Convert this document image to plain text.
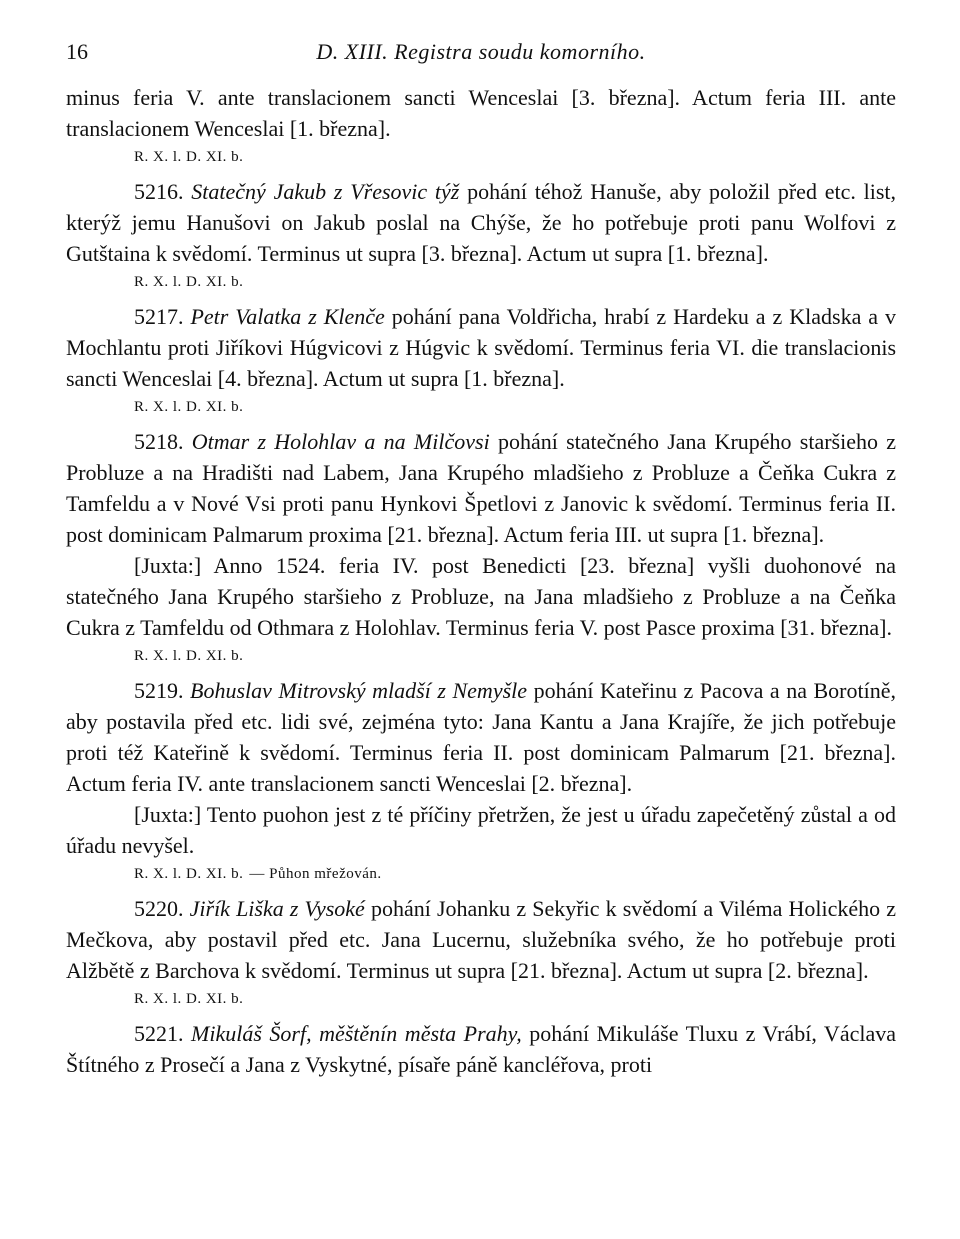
16	D. XIII. Registra soudu komorního.

minus feria V. ante translacionem sancti Wenceslai [3. března]. Actum feria III. ante translacionem Wenceslai [1. března].

R. X. l. D. XI. b.

5216. Statečný Jakub z Vřesovic týž pohání téhož Hanuše, aby položil před etc. list, kterýž jemu Hanušovi on Jakub poslal na Chýše, že ho potřebuje proti panu Wolfovi z Gutštaina k svědomí. Terminus ut supra [3. března]. Actum ut supra [1. března].

R. X. l. D. XI. b.

5217. Petr Valatka z Klenče pohání pana Voldřicha, hrabí z Hardeku a z Kladska a v Mochlantu proti Jiříkovi Húgvicovi z Húgvic k svědomí. Terminus feria VI. die translacionis sancti Wenceslai [4. března]. Actum ut supra [1. března].

R. X. l. D. XI. b.

5218. Otmar z Holohlav a na Milčovsi pohání statečného Jana Krupého staršieho z Probluze a na Hradišti nad Labem, Jana Krupého mladšieho z Probluze a Čeňka Cukra z Tamfeldu a v Nové Vsi proti panu Hynkovi Špetlovi z Janovic k svědomí. Terminus feria II. post dominicam Palmarum proxima [21. března]. Actum feria III. ut supra [1. března].

[Juxta:] Anno 1524. feria IV. post Benedicti [23. března] vyšli duohonové na statečného Jana Krupého staršieho z Probluze, na Jana mladšieho z Probluze a na Čeňka Cukra z Tamfeldu od Othmara z Holohlav. Terminus feria V. post Pasce proxima [31. března].

R. X. l. D. XI. b.

5219. Bohuslav Mitrovský mladší z Nemyšle pohání Kateřinu z Pacova a na Borotíně, aby postavila před etc. lidi své, zejména tyto: Jana Kantu a Jana Krajíře, že jich potřebuje proti též Kateřině k svědomí. Terminus feria II. post dominicam Palmarum [21. března]. Actum feria IV. ante translacionem sancti Wenceslai [2. března].

[Juxta:] Tento puohon jest z té příčiny přetržen, že jest u úřadu zapečetěný zůstal a od úřadu nevyšel.

R. X. l. D. XI. b. — Půhon mřežován.

5220. Jiřík Liška z Vysoké pohání Johanku z Sekyřic k svědomí a Viléma Holického z Mečkova, aby postavil před etc. Jana Lucernu, služebníka svého, že ho potřebuje proti Alžbětě z Barchova k svědomí. Terminus ut supra [21. března]. Actum ut supra [2. března].

R. X. l. D. XI. b.

5221. Mikuláš Šorf, měštěnín města Prahy, pohání Mikuláše Tluxu z Vrábí, Václava Štítného z Prosečí a Jana z Vyskytné, písaře páně kancléřova, proti
